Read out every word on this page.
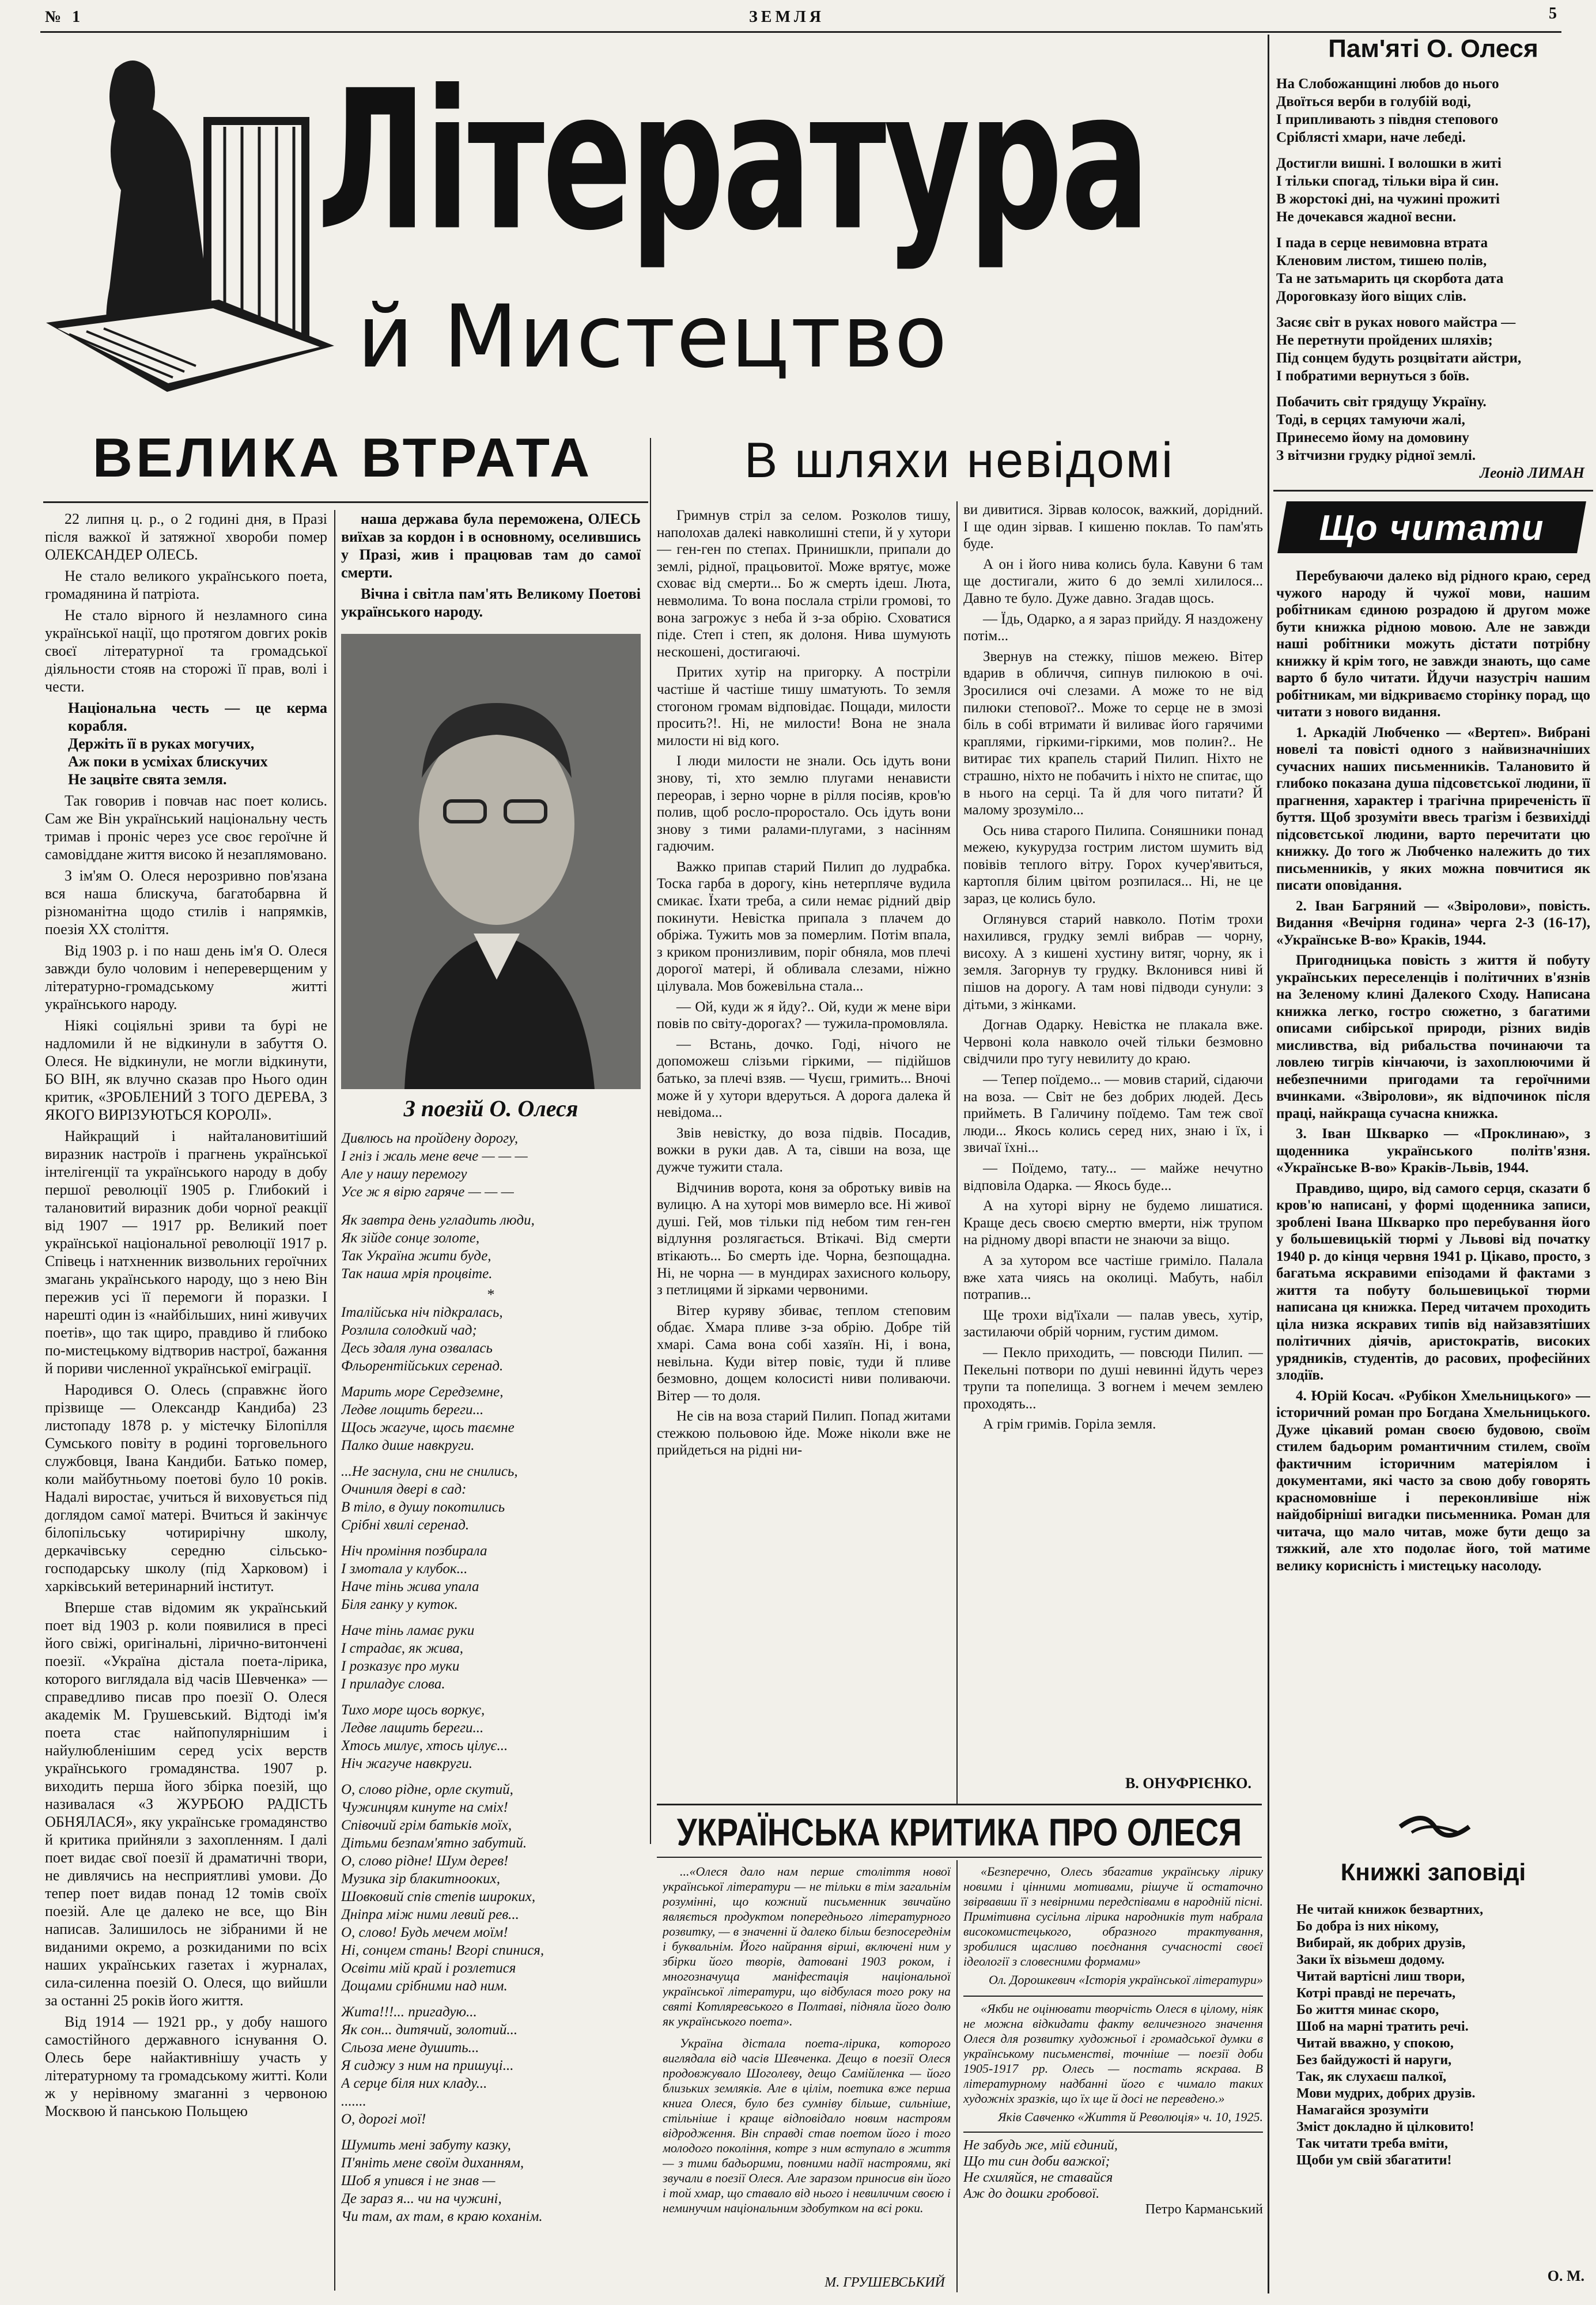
№ 1	ЗЕМЛЯ	5
Література
й Мистецтво
ВЕЛИКА ВТРАТА

22 липня ц. р., о 2 годині дня, в Празі після важкої й затяжної хвороби помер ОЛЕКСАНДЕР ОЛЕСЬ.

Не стало великого українського поета, громадянина й патріота.

Не стало вірного й незламного сина української нації, що протягом довгих років своєї літературної та громадської діяльности стояв на сторожі її прав, волі і чести.

Національна честь — це керма корабля.
Держіть її в руках могучих,
Аж поки в усміхах блискучих
Не зацвіте свята земля.

Так говорив і повчав нас поет колись. Сам же Він український національну честь тримав і проніс через усе своє героїчне й самовіддане життя високо й незаплямовано.

З ім'ям О. Олеся нерозривно пов'язана вся наша блискуча, багатобарвна й різноманітна щодо стилів і напрямків, поезія XX століття.

Від 1903 р. і по наш день ім'я О. Олеся завжди було чоловим і непереверщеним у літературно-громадському житті українського народу.

Ніякі соціяльні зриви та бурі не надломили й не відкинули в забуття О. Олеся. Не відкинули, не могли відкинути, БО ВІН, як влучно сказав про Нього один критик, «ЗРОБЛЕНИЙ З ТОГО ДЕРЕВА, З ЯКОГО ВИРІЗУЮТЬСЯ КОРОЛІ».

Найкращий і найталановитіший виразник настроїв і прагнень української інтелігенції та українського народу в добу першої революції 1905 р. Глибокий і талановитий виразник доби чорної реакції від 1907 — 1917 рр. Великий поет української національної революції 1917 р. Співець і натхненник визвольних героїчних змагань українського народу, що з нею Він пережив усі її перемоги й поразки. І нарешті один із «найбільших, нині живучих поетів», що так щиро, правдиво й глибоко по-мистецькому відтворив настрої, бажання й пориви численної української еміграції.

Народився О. Олесь (справжнє його прізвище — Олександр Кандиба) 23 листопаду 1878 р. у містечку Білопілля Сумського повіту в родині торговельного службовця, Івана Кандиби. Батько помер, коли майбутньому поетові було 10 років. Надалі виростає, учиться й виховується під доглядом самої матері. Вчиться й закінчує білопільську чотирирічну школу, деркачівську середню сільсько-господарську школу (під Харковом) і харківський ветеринарний інститут.

Вперше став відомим як український поет від 1903 р. коли появилися в пресі його свіжі, оригінальні, лірично-витончені поезії. «Україна дістала поета-лірика, которого виглядала від часів Шевченка» — справедливо писав про поезії О. Олеся академік М. Грушевський. Відтоді ім'я поета стає найпопулярнішим і найулюбленішим серед усіх верств українського громадянства. 1907 р. виходить перша його збірка поезій, що називалася «З ЖУРБОЮ РАДІСТЬ ОБНЯЛАСЯ», яку українське громадянство й критика прийняли з захопленням. І далі поет видає свої поезії й драматичні твори, не дивлячись на несприятливі умови. До тепер поет видав понад 12 томів своїх поезій. Але це далеко не все, що Він написав. Залишилось не зібраними й не виданими окремо, а розкиданими по всіх наших українських газетах і журналах, сила-силенна поезій О. Олеся, що вийшли за останні 25 років його життя.

Від 1914 — 1921 рр., у добу нашого самостійного державного існування О. Олесь бере найактивнішу участь у літературному та громадському житті. Коли ж у нерівному змаганні з червоною Москвою й панською Польщею

наша держава була переможена, ОЛЕСЬ виїхав за кордон і в основному, оселившись у Празі, жив і працював там до самої смерти.

Вічна і світла пам'ять Великому Поетові українського народу.

З поезій О. Олеся
Дивлюсь на пройдену дорогу,
І гніз і жаль мене вече — — —
Але у нашу перемогу
Усе ж я вірю гаряче — — —
Як завтра день угладить люди,
Як зійде сонце золоте,
Так Україна жити буде,
Так наша мрія процвіте.
*
Італійська ніч підкралась,
Розлила солодкий чад;
Десь здаля луна озвалась
Фльорентійських серенад.
Марить море Середземне,
Ледве лощить береги...
Щось жагуче, щось таємне
Палко дише навкруги.
...Не заснула, сни не снились,
Очиниля двері в сад:
В тіло, в душу покотились
Срібні хвилі серенад.
Ніч проміння позбирала
І змотала у клубок...
Наче тінь жива упала
Біля ганку у куток.
Наче тінь ламає руки
І страдає, як жива,
І розказує про муки
І приладує слова.
Тихо море щось воркує,
Ледве лащить береги...
Хтось милує, хтось цілує...
Ніч жагуче навкруги.
О, слово рідне, орле скутий,
Чужинцям кинуте на сміх!
Співочий грім батьків моїх,
Дітьми безпам'ятно забутий.
О, слово рідне! Шум дерев!
Музика зір блакитнооких,
Шовковий спів степів широких,
Дніпра між ними левий рев...
О, слово! Будь мечем моїм!
Ні, сонцем стань! Вгорі спинися,
Освіти мій край і розлетися
Дощами срібними над ним.
Жита!!!... пригадую...
Як сон... дитячий, золотий...
Сльоза мене душить...
Я сиджу з ним на пришуці...
А серце біля них кладу...
.......
О, дорогі мої!
Шумить мені забуту казку,
П'яніть мене своїм диханням,
Шоб я упився і не знав —
Де зараз я... чи на чужині,
Чи там, ах там, в краю коханім.
В шляхи невідомі

Гримнув стріл за селом. Розколов тишу, наполохав далекі навколишні степи, й у хутори — ген-ген по степах. Принишкли, припали до землі, рідної, працьовитої. Може врятує, може сховає від смерти... Бо ж смерть ідеш. Люта, невмолима. То вона послала стріли громові, то вона загрожує з неба й з-за обрію. Сховатися піде. Степ і степ, як долоня. Нива шумують нескошені, достигаючі.

Притих хутір на пригорку. А постріли частіше й частіше тишу шматують. То земля стогоном громам відповідає. Пощади, милости просить?!. Ні, не милости! Вона не знала милости ні від кого.

І люди милости не знали. Ось ідуть вони знову, ті, хто землю плугами ненависти переорав, і зерно чорне в рілля посіяв, кров'ю полив, щоб росло-проростало. Ось ідуть вони знову з тими ралами-плугами, з насінням гадючим.

Важко припав старий Пилип до лудрабка. Тоска гарба в дорогу, кінь нетерпляче вудила смикає. Їхати треба, а сили немає рідний двір покинути. Невістка припала з плачем до обріжа. Тужить мов за померлим. Потім впала, з криком пронизливим, поріг обняла, мов плечі дорогої матері, й обливала слезами, ніжно цілувала. Мов божевільна стала...

— Ой, куди ж я йду?.. Ой, куди ж мене віри повів по світу-дорогах? — тужила-промовляла.

— Встань, дочко. Годі, нічого не допоможеш слізьми гіркими, — підійшов батько, за плечі взяв. — Чуєш, гримить... Вночі може й у хутори вдеруться. А дорога далека й невідома...

Звів невістку, до воза підвів. Посадив, вожки в руки дав. А та, сівши на воза, ще дужче тужити стала.

Відчинив ворота, коня за обротьку вивів на вулицю. А на хуторі мов вимерло все. Ні живої душі. Гей, мов тільки під небом тим ген-ген відлуння розлягається. Втікачі. Від смерти втікають... Бо смерть іде. Чорна, безпощадна. Ні, не чорна — в мундирах захисного кольору, з петлицями й зірками червоними.

Вітер куряву збиває, теплом степовим обдає. Хмара пливе з-за обрію. Добре тій хмарі. Сама вона собі хазяїн. Ні, і вона, невільна. Куди вітер повіє, туди й пливе безмовно, дощем колосисті ниви поливаючи. Вітер — то доля.

Не сів на воза старий Пилип. Попад житами стежкою польовою йде. Може ніколи вже не прийдеться на рідні ни-

ви дивитися. Зірвав колосок, важкий, дорідний. І ще один зірвав. І кишеню поклав. То пам'ять буде.

А он і його нива колись була. Кавуни 6 там ще достигали, жито 6 до землі хилилося... Давно те було. Дуже давно. Згадав щось.

— Їдь, Одарко, а я зараз прийду. Я наздожену потім...

Звернув на стежку, пішов межею. Вітер вдарив в обличчя, сипнув пилюкою в очі. Зросилися очі слезами. А може то не від пилюки степової?.. Може то серце не в змозі біль в собі втримати й виливає його гарячими краплями, гіркими-гіркими, мов полин?.. Не витирає тих крапель старий Пилип. Ніхто не страшно, ніхто не побачить і ніхто не спитає, що в нього на серці. Та й для чого питати? Й малому зрозуміло...

Ось нива старого Пилипа. Соняшники понад межею, кукурудза гострим листом шумить від повівів теплого вітру. Горох кучер'явиться, картопля білим цвітом розпилася... Ні, не це зараз, це колись було.

Оглянувся старий навколо. Потім трохи нахилився, грудку землі вибрав — чорну, висоху. А з кишені хустину витяг, чорну, як і земля. Загорнув ту грудку. Вклонився ниві й пішов на дорогу. А там нові підводи сунули: з дітьми, з жінками.

Догнав Одарку. Невістка не плакала вже. Червоні кола навколо очей тільки безмовно свідчили про тугу невилиту до краю.

— Тепер поїдемо... — мовив старий, сідаючи на воза. — Світ не без добрих людей. Десь прийметь. В Галичину поїдемо. Там теж свої люди... Якось колись серед них, знаю і їх, і звичаї їхні...

— Поїдемо, тату... — майже нечутно відповіла Одарка. — Якось буде...

А на хуторі вірну не будемо лишатися. Краще десь своєю смертю вмерти, ніж трупом на рідному дворі впасти не знаючи за віщо.

А за хутором все частіше гриміло. Палала вже хата чиясь на околиці. Мабуть, набіл потрапив...

Ще трохи від'їхали — палав увесь, хутір, застилаючи обрій чорним, густим димом.

— Пекло приходить, — повсюди Пилип. — Пекельні потвори по душі невинні йдуть через трупи та попелища. З вогнем і мечем землею проходять...

А грім гримів. Горіла земля.

В. ОНУФРІЄНКО.
УКРАЇНСЬКА КРИТИКА ПРО ОЛЕСЯ
...«Олеся дало нам перше століття нової української літератури — не тільки в тім загальнім розумінні, що кожний письменник звичайно являється продуктом попереднього літературного розвитку, — в значенні й далеко більш безпосереднім і буквальнім. Його найрання вірші, включені ним у збірки його творів, датовані 1903 роком, і многозначуща маніфестація національної української літератури, що відбулася того року на святі Котляревського в Полтаві, підняла його долю як українського поета».
Україна дістала поета-лірика, которого виглядала від часів Шевченка. Дещо в поезії Олеся продовжувало Шоголеву, дещо Самійленка — його близьких земляків. Але в цілім, поетика вже перша книга Олеся, було без сумніву більше, сильніше, стільніше і краще відповідало новим настроям відродження. Він справді став поетом його і того молодого покоління, котре з ним вступало в життя — з тими бадьорими, повними надії настроями, які звучали в поезії Олеся. Але заразом приносив він його і той хмар, що ставало від нього і невиличим своєю і неминучим національним здобутком на всі роки.
М. ГРУШЕВСЬКИЙ
«Безперечно, Олесь збагатив українську лірику новими і цінними мотивами, рішуче й остаточно звірвавши її з невірними передспівами в народній пісні. Примітивна сусільна лірика народників тут набрала високомистецького, образного трактування, зробилися щасливо поєднання сучасності своєї ідеології з словесними формами»
Ол. Дорошкевич «Історія української літератури»
«Якби не оцінювати творчість Олеся в цілому, ніяк не можна відкидати факту величезного значення Олеся для розвитку художньої і громадської думки в українському письменстві, точніше — поезії доби 1905-1917 рр. Олесь — постать яскрава. В літературному надбанні його є чимало таких художніх зразків, що їх ще й досі не перевдено.»
Яків Савченко «Життя й Революція» ч. 10, 1925.
Не забудь же, мій єдиний,
Що ти син доби важкої;
Не схиляйся, не ставайся
Аж до дошки гробової.
Петро Карманський
Пам'яті О. Олеся
На Слобожанщині любов до нього
Двоїться верби в голубій воді,
І припливають з півдня степового
Сріблясті хмари, наче лебеді.
Достигли вишні. І волошки в житі
І тільки спогад, тільки віра й син.
В жорстокі дні, на чужині прожиті
Не дочекався жадної весни.
І пада в серце невимовна втрата
Кленовим листом, тишею полів,
Та не затьмарить ця скорбота дата
Дороговказу його віщих слів.
Засяє світ в руках нового майстра —
Не перетнути пройдених шляхів;
Під сонцем будуть розцвітати айстри,
І побратими вернуться з боїв.
Побачить світ грядущу Україну.
Тоді, в серцях тамуючи жалі,
Принесемо йому на домовину
З вітчизни грудку рідної землі.
Леонід ЛИМАН
Що читати

Перебуваючи далеко від рідного краю, серед чужого народу й чужої мови, нашим робітникам єдиною розрадою й другом може бути книжка рідною мовою. Але не завжди наші робітники можуть дістати потрібну книжку й крім того, не завжди знають, що саме варто б було читати. Йдучи назустріч нашим робітникам, ми відкриваємо сторінку порад, що читати з нового видання.

1. Аркадій Любченко — «Вертеп». Вибрані новелі та повісті одного з найвизначніших сучасних наших письменників. Талановито й глибоко показана душа підсовєтської людини, її прагнення, характер і трагічна приреченість її буття. Щоб зрозуміти ввесь трагізм і безвихідді підсовєтської людини, варто перечитати цю книжку. До того ж Любченко належить до тих письменників, у яких можна повчитися як писати оповідання.

2. Іван Багряний — «Звіролови», повість. Видання «Вечірня година» черга 2-3 (16-17), «Українське В-во» Краків, 1944.

Пригодницька повість з життя й побуту українських переселенців і політичних в'язнів на Зеленому клині Далекого Сходу. Написана книжка легко, гостро сюжетно, з багатими описами сибірської природи, різних видів мисливства, від рибальства починаючи та ловлею тигрів кінчаючи, із захоплюючими й небезпечними пригодами та героїчними вчинками. «Звіролови», як відпочинок після праці, найкраща сучасна книжка.

3. Іван Шкварко — «Проклинаю», з щоденника українського політв'язня. «Українське В-во» Краків-Львів, 1944.

Правдиво, щиро, від самого серця, сказати б кров'ю написані, у формі щоденника записи, зроблені Івана Шкварко про перебування його у большевицькій тюрмі у Львові від початку 1940 р. до кінця червня 1941 р. Цікаво, просто, з багатьма яскравими епізодами й фактами з життя та побуту большевицької тюрми написана ця книжка. Перед читачем проходить ціла низка яскравих типів від найзавзятіших політичних діячів, аристократів, високих урядників, студентів, до расових, професійних злодіїв.

4. Юрій Косач. «Рубікон Хмельницького» — історичний роман про Богдана Хмельницького. Дуже цікавий роман своєю будовою, своїм стилем бадьорим романтичним стилем, своїм фактичним історичним матеріялом і документами, які часто за свою добу говорять красномовніше і переконливіше ніж найдобірніші вигадки письменника. Роман для читача, що мало читав, може бути дещо за тяжкий, але хто подолає його, той матиме велику корисність і мистецьку насолоду.

Книжкі заповіді
Не читай книжок безвартних,
Бо добра із них нікому,
Вибирай, як добрих друзів,
Заки їх візьмеш додому.
Читай вартісні лиш твори,
Котрі правді не перечать,
Бо життя минає скоро,
Шоб на марні тратить речі.
Читай вважно, у спокою,
Без байдужості й наруги,
Так, як слухаєш палкої,
Мови мудрих, добрих друзів.
Намагайся зрозуміти
Зміст докладно й цілковито!
Так читати треба вміти,
Щоби ум свій збагатити!
О. М.
